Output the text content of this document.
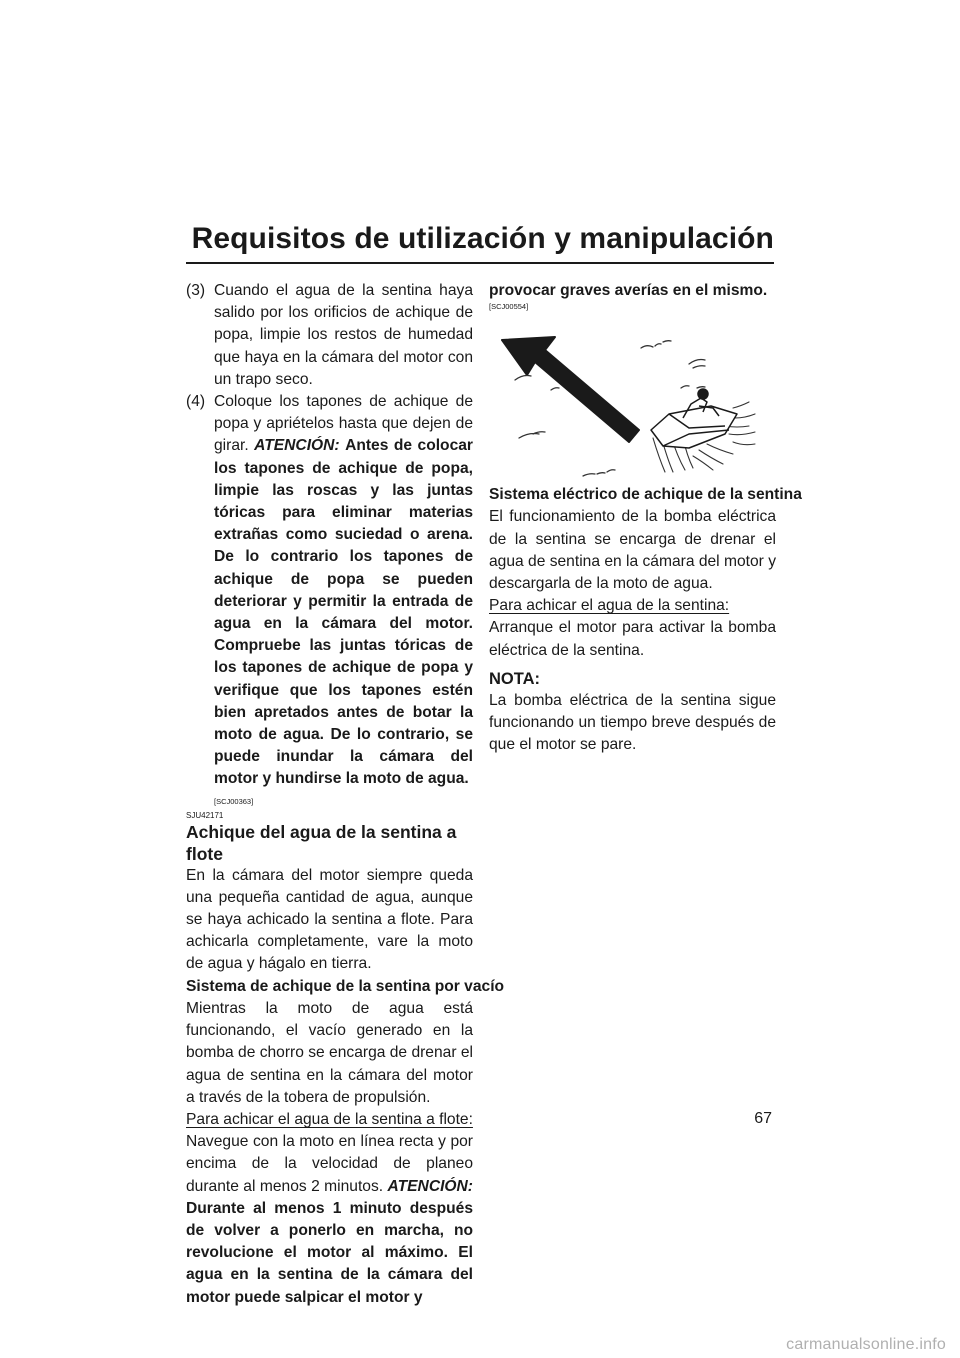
Requisitos de utilización y manipulación
(3) Cuando el agua de la sentina haya salido por los orificios de achique de popa, limpie los restos de humedad que haya en la cámara del motor con un trapo seco.
(4) Coloque los tapones de achique de popa y apriételos hasta que dejen de girar. ATENCIÓN: Antes de colocar los tapones de achique de popa, limpie las roscas y las juntas tóricas para eliminar materias extrañas como suciedad o arena. De lo contrario los tapones de achique de popa se pueden deteriorar y permitir la entrada de agua en la cámara del motor. Compruebe las juntas tóricas de los tapones de achique de popa y verifique que los tapones estén bien apretados antes de botar la moto de agua. De lo contrario, se puede inundar la cámara del motor y hundirse la moto de agua.
[SCJ00363]
SJU42171
Achique del agua de la sentina a flote

En la cámara del motor siempre queda una pequeña cantidad de agua, aunque se haya achicado la sentina a flote. Para achicarla completamente, vare la moto de agua y hágalo en tierra.

Sistema de achique de la sentina por vacío

Mientras la moto de agua está funcionando, el vacío generado en la bomba de chorro se encarga de drenar el agua de sentina en la cámara del motor a través de la tobera de propulsión.

Para achicar el agua de la sentina a flote:

Navegue con la moto en línea recta y por encima de la velocidad de planeo durante al menos 2 minutos. ATENCIÓN: Durante al menos 1 minuto después de volver a ponerlo en marcha, no revolucione el motor al máximo. El agua en la sentina de la cámara del motor puede salpicar el motor y

provocar graves averías en el mismo.

[SCJ00554]
Sistema eléctrico de achique de la sentina

El funcionamiento de la bomba eléctrica de la sentina se encarga de drenar el agua de sentina en la cámara del motor y descargarla de la moto de agua.

Para achicar el agua de la sentina:

Arranque el motor para activar la bomba eléctrica de la sentina.

NOTA:

La bomba eléctrica de la sentina sigue funcionando un tiempo breve después de que el motor se pare.

67
carmanualsonline.info
